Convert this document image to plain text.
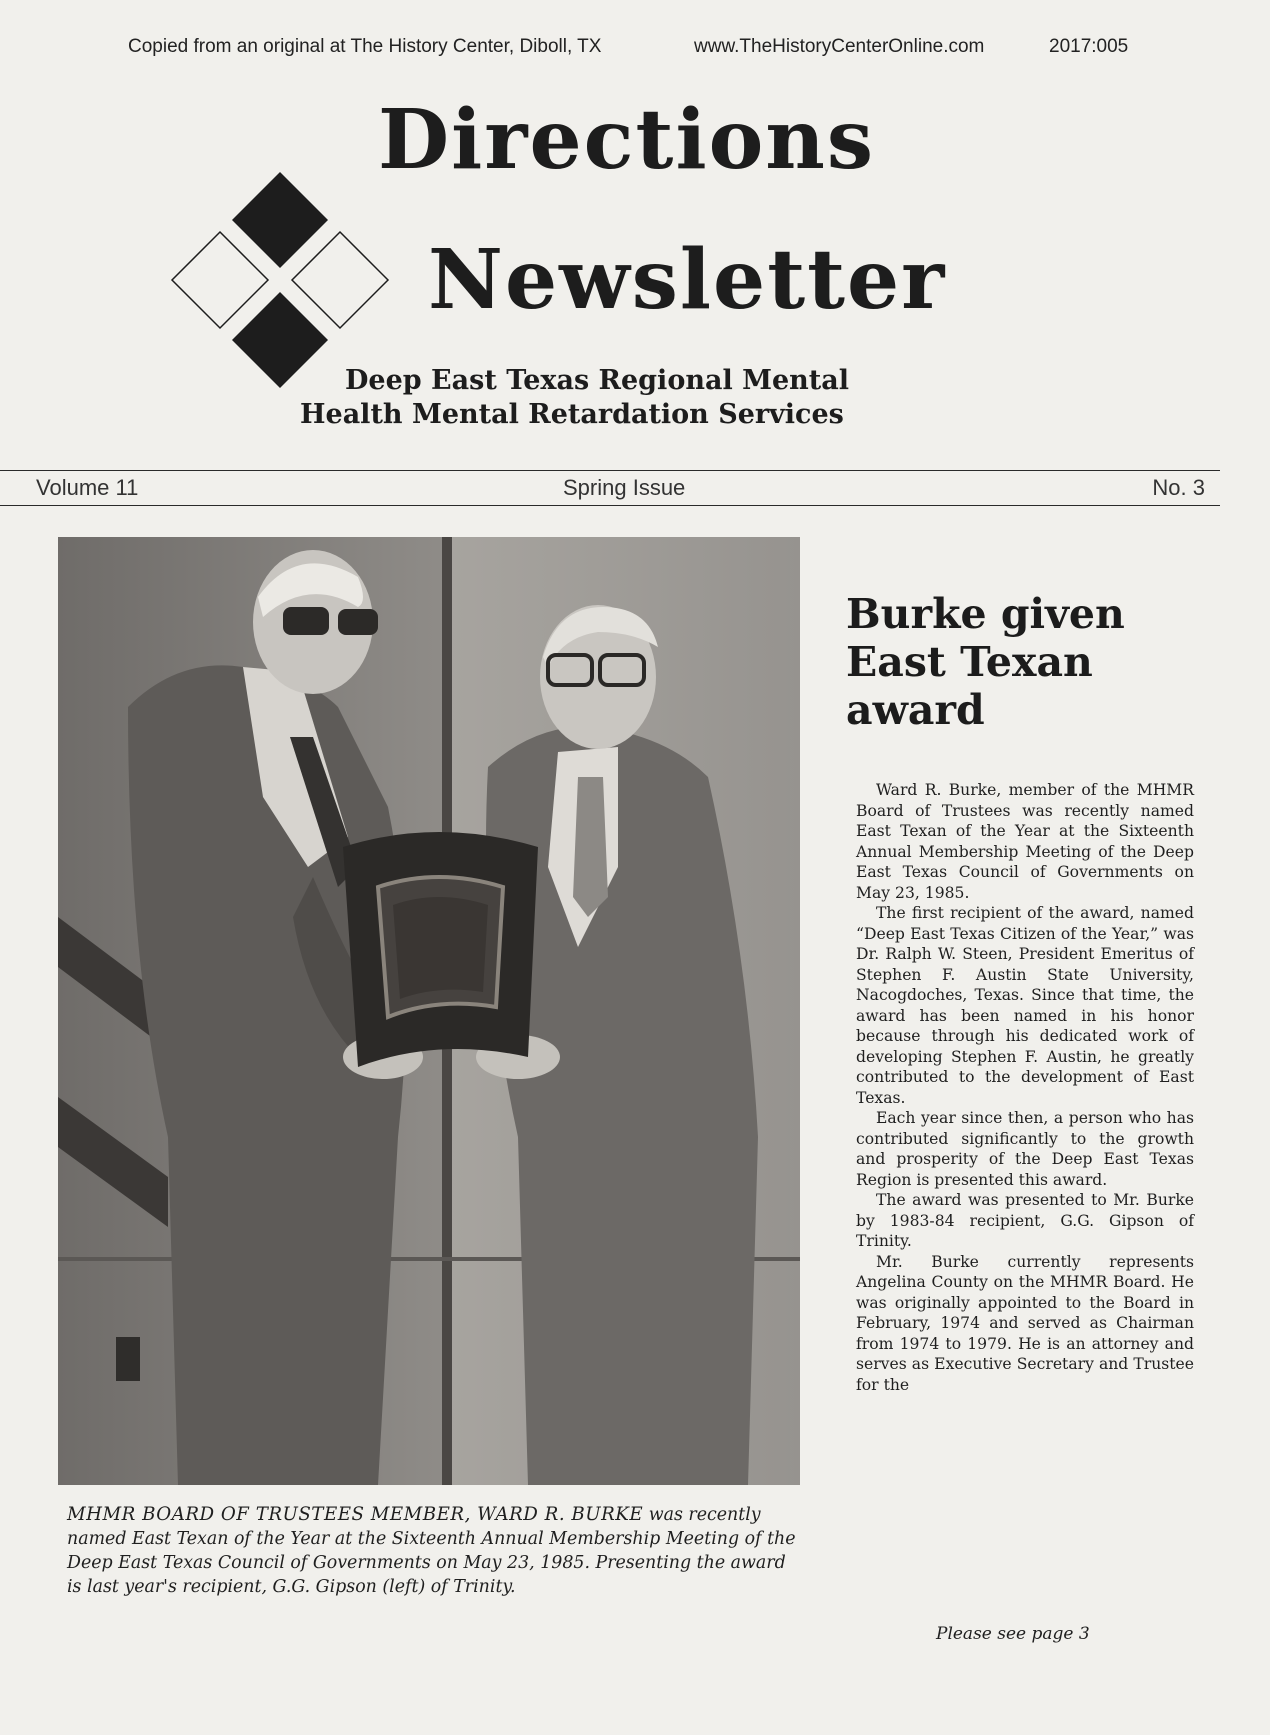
Copied from an original at The History Center, Diboll, TX	www.TheHistoryCenterOnline.com	2017:005
Directions
Newsletter
Deep East Texas Regional Mental
Health Mental Retardation Services
Volume 11	Spring Issue	No. 3
MHMR BOARD OF TRUSTEES MEMBER, WARD R. BURKE was recently named East Texan of the Year at the Sixteenth Annual Membership Meeting of the Deep East Texas Council of Governments on May 23, 1985. Presenting the award is last year's recipient, G.G. Gipson (left) of Trinity.
Burke given
East Texan
award

Ward R. Burke, member of the MHMR Board of Trustees was recently named East Texan of the Year at the Sixteenth Annual Membership Meeting of the Deep East Texas Council of Governments on May 23, 1985.

The first recipient of the award, named “Deep East Texas Citizen of the Year,” was Dr. Ralph W. Steen, President Emeritus of Stephen F. Austin State University, Nacogdoches, Texas. Since that time, the award has been named in his honor because through his dedicated work of developing Stephen F. Austin, he greatly contributed to the development of East Texas.

Each year since then, a person who has contributed significantly to the growth and prosperity of the Deep East Texas Region is presented this award.

The award was presented to Mr. Burke by 1983-84 recipient, G.G. Gipson of Trinity.

Mr. Burke currently represents Angelina County on the MHMR Board. He was originally appointed to the Board in February, 1974 and served as Chairman from 1974 to 1979. He is an attorney and serves as Executive Secretary and Trustee for the

Please see page 3
